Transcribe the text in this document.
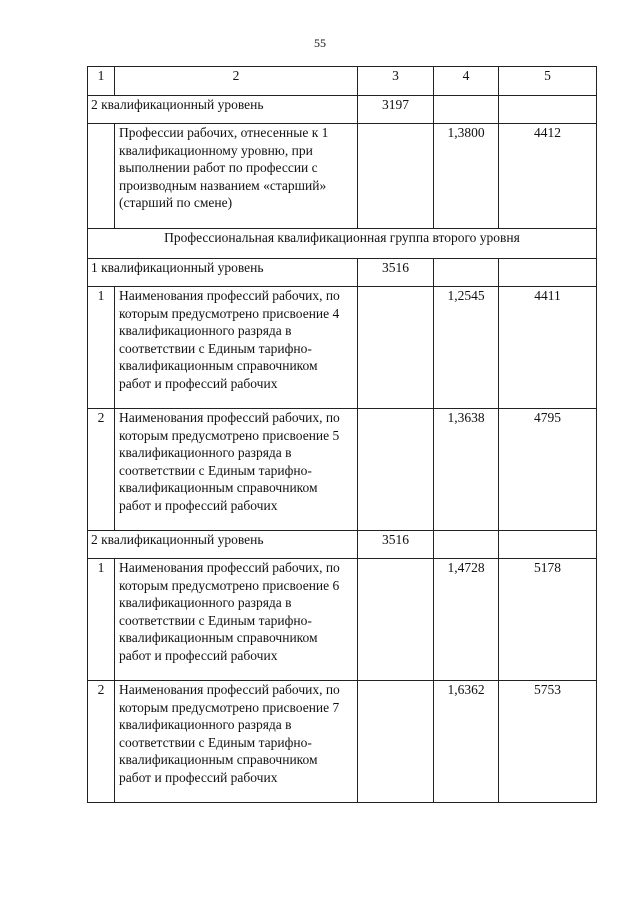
55
1	2	3	4	5
2 квалификационный уровень		3197		
	Профессии рабочих, отнесенные к 1 квалификационному уровню, при выполнении работ по профессии с производным названием «старший» (старший по смене)		1,3800	4412
Профессиональная квалификационная группа второго уровня				
1 квалификационный уровень		3516		
1	Наименования профессий рабочих, по которым предусмотрено присвоение 4 квалификационного разряда в соответствии с Единым тарифно-квалификационным справочником работ и профессий рабочих		1,2545	4411
2	Наименования профессий рабочих, по которым предусмотрено присвоение 5 квалификационного разряда в соответствии с Единым тарифно-квалификационным справочником работ и профессий рабочих		1,3638	4795
2 квалификационный уровень		3516		
1	Наименования профессий рабочих, по которым предусмотрено присвоение 6 квалификационного разряда в соответствии с Единым тарифно-квалификационным справочником работ и профессий рабочих		1,4728	5178
2	Наименования профессий рабочих, по которым предусмотрено присвоение 7 квалификационного разряда в соответствии с Единым тарифно-квалификационным справочником работ и профессий рабочих		1,6362	5753
